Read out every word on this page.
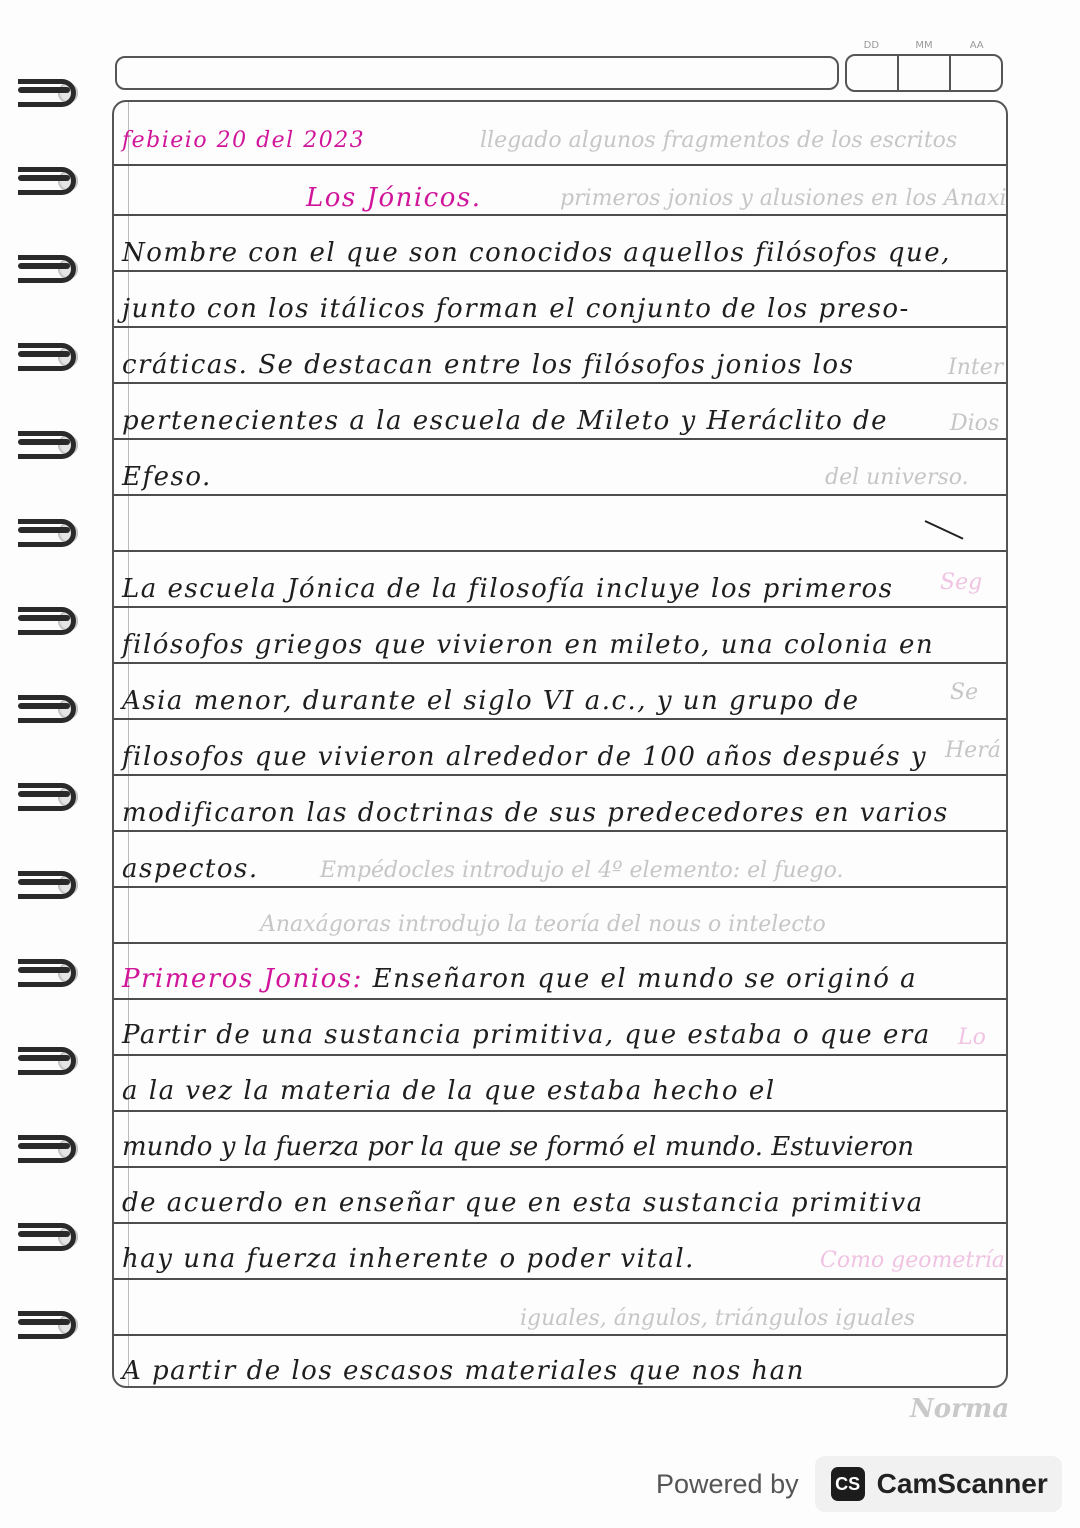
DD	MM	AA
llegado algunos fragmentos de los escritos
primeros jonios y alusiones en los Anaxi
Inter
Dios
del universo.
Seg
Se
Herá
Empédocles introdujo el 4º elemento: el fuego.
Anaxágoras introdujo la teoría del nous o intelecto
Lo
Como geometría
iguales, ángulos, triángulos iguales
febieio 20 del 2023
Los Jónicos.
Nombre con el que son conocidos aquellos filósofos que,
junto con los itálicos forman el conjunto de los preso-
cráticas. Se destacan entre los filósofos jonios los
pertenecientes a la escuela de Mileto y Heráclito de
Efeso.
La escuela Jónica de la filosofía incluye los primeros
filósofos griegos que vivieron en mileto, una colonia en
Asia menor, durante el siglo VI a.c., y un grupo de
filosofos que vivieron alrededor de 100 años después y
modificaron las doctrinas de sus predecedores en varios
aspectos.
Primeros Jonios: Enseñaron que el mundo se originó a
Partir de una sustancia primitiva, que estaba o que era
a la vez la materia de la que estaba hecho el
mundo y la fuerza por la que se formó el mundo. Estuvieron
de acuerdo en enseñar que en esta sustancia primitiva
hay una fuerza inherente o poder vital.
A partir de los escasos materiales que nos han
Norma
Powered by CS CamScanner
